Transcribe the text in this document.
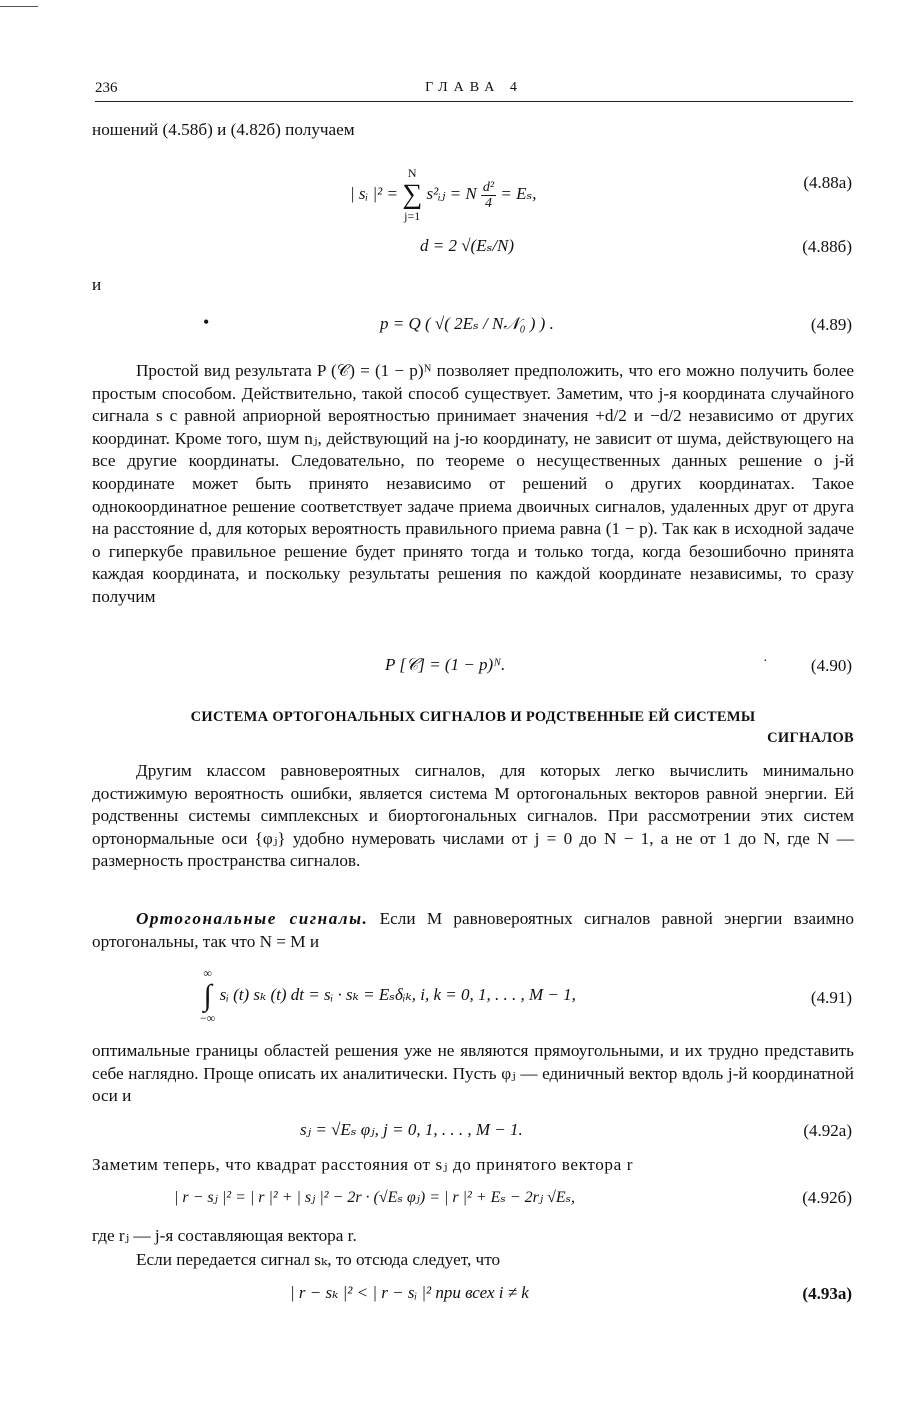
236	ГЛАВА 4
ношений (4.58б) и (4.82б) получаем
| sᵢ |² =
N
∑
j=1
s²ᵢⱼ = N $\frac{\text{d²}}{4} = E_s$,
(4.88а)
d = 2 √(Eₛ/N)	(4.88б)
и
•	p = Q ( √( 2Eₛ / N𝒩₀ ) ) .	(4.89)

Простой вид результата P (𝒞) = (1 − p)ᴺ позволяет предположить, что его можно получить более простым способом. Действительно, такой способ существует. Заметим, что j-я координата случайного сигнала s с равной априорной вероятностью принимает значения +d/2 и −d/2 независимо от других координат. Кроме того, шум nⱼ, действующий на j-ю координату, не зависит от шума, действующего на все другие координаты. Следовательно, по теореме о несущественных данных решение о j-й координате может быть принято независимо от решений о других координатах. Такое однокоординатное решение соответствует задаче приема двоичных сигналов, удаленных друг от друга на расстояние d, для которых вероятность правильного приема равна (1 − p). Так как в исходной задаче о гиперкубе правильное решение будет принято тогда и только тогда, когда безошибочно принята каждая координата, и поскольку результаты решения по каждой координате независимы, то сразу получим

P [𝒞] = (1 − p)ᴺ.	·	(4.90)
СИСТЕМА ОРТОГОНАЛЬНЫХ СИГНАЛОВ И РОДСТВЕННЫЕ ЕЙ СИСТЕМЫ
СИГНАЛОВ

Другим классом равновероятных сигналов, для которых легко вычислить минимально достижимую вероятность ошибки, является система M ортогональных векторов равной энергии. Ей родственны системы симплексных и биортогональных сигналов. При рассмотрении этих систем ортонормальные оси {φⱼ} удобно нумеровать числами от j = 0 до N − 1, а не от 1 до N, где N — размерность пространства сигналов.

Ортогональные сигналы. Если M равновероятных сигналов равной энергии взаимно ортогональны, так что N = M и

∞
∫
−∞
sᵢ (t) sₖ (t) dt = sᵢ · sₖ = Eₛδᵢₖ, i, k = 0, 1, . . . , M − 1,	(4.91)

оптимальные границы областей решения уже не являются прямоугольными, и их трудно представить себе наглядно. Проще описать их аналитически. Пусть φⱼ — единичный вектор вдоль j-й координатной оси и

sⱼ = √Eₛ φⱼ, j = 0, 1, . . . , M − 1.	(4.92а)
Заметим теперь, что квадрат расстояния от sⱼ до принятого вектора r
| r − sⱼ |² = | r |² + | sⱼ |² − 2r · (√Eₛ φⱼ) = | r |² + Eₛ − 2rⱼ √Eₛ,	(4.92б)
где rⱼ — j-я составляющая вектора r.
Если передается сигнал sₖ, то отсюда следует, что
| r − sₖ |² < | r − sᵢ |² при всех i ≠ k	(4.93а)
